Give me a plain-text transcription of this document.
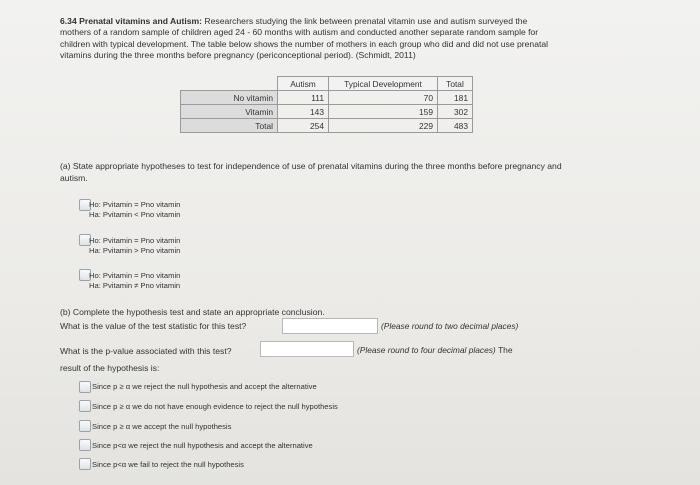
6.34 Prenatal vitamins and Autism: Researchers studying the link between prenatal vitamin use and autism surveyed the mothers of a random sample of children aged 24 - 60 months with autism and conducted another separate random sample for children with typical development. The table below shows the number of mothers in each group who did and did not use prenatal vitamins during the three months before pregnancy (periconceptional period). (Schmidt, 2011)
	Autism	Typical Development	Total
No vitamin	111	70	181
Vitamin	143	159	302
Total	254	229	483
(a) State appropriate hypotheses to test for independence of use of prenatal vitamins during the three months before pregnancy and autism.
Ho: Pvitamin = Pno vitamin
Ha: Pvitamin < Pno vitamin
Ho: Pvitamin = Pno vitamin
Ha: Pvitamin > Pno vitamin
Ho: Pvitamin = Pno vitamin
Ha: Pvitamin ≠ Pno vitamin
(b) Complete the hypothesis test and state an appropriate conclusion.
What is the value of the test statistic for this test?	(Please round to two decimal places)
What is the p-value associated with this test?	(Please round to four decimal places) The
result of the hypothesis is:
Since p ≥ α we reject the null hypothesis and accept the alternative
Since p ≥ α we do not have enough evidence to reject the null hypothesis
Since p ≥ α we accept the null hypothesis
Since p<α we reject the null hypothesis and accept the alternative
Since p<α we fail to reject the null hypothesis
